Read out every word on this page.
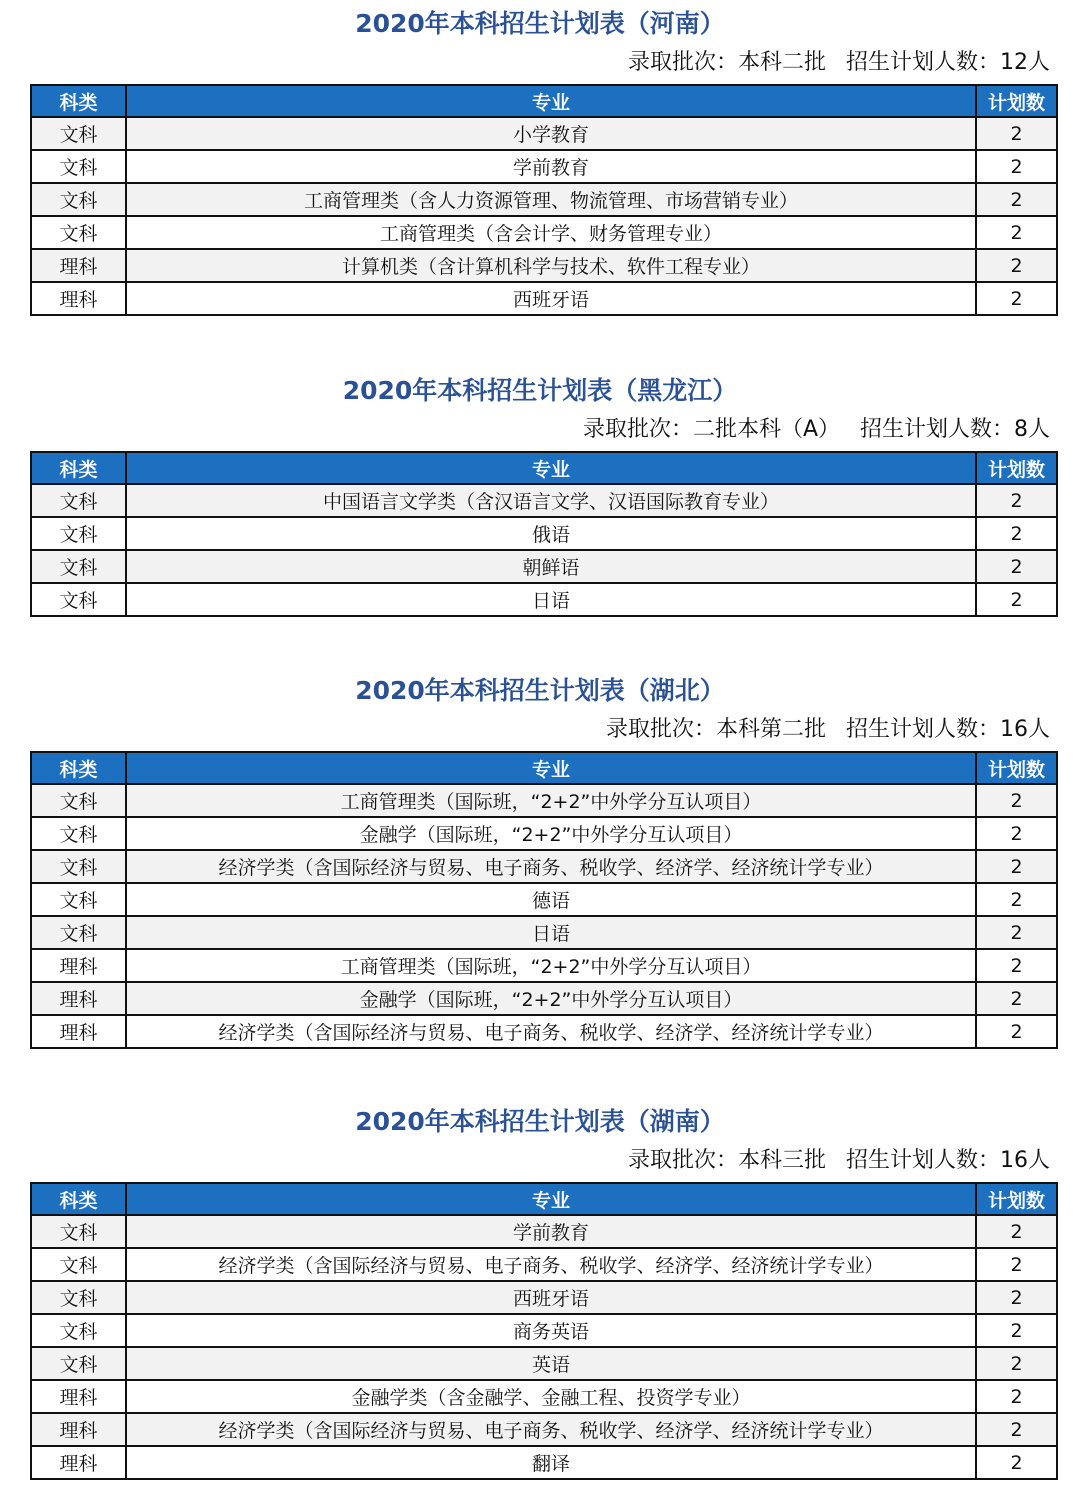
2020年本科招生计划表（河南）
录取批次：本科二批 招生计划人数：12人
科类	专业	计划数
文科	小学教育	2
文科	学前教育	2
文科	工商管理类（含人力资源管理、物流管理、市场营销专业）	2
文科	工商管理类（含会计学、财务管理专业）	2
理科	计算机类（含计算机科学与技术、软件工程专业）	2
理科	西班牙语	2
2020年本科招生计划表（黑龙江）
录取批次：二批本科（A） 招生计划人数：8人
科类	专业	计划数
文科	中国语言文学类（含汉语言文学、汉语国际教育专业）	2
文科	俄语	2
文科	朝鲜语	2
文科	日语	2
2020年本科招生计划表（湖北）
录取批次：本科第二批 招生计划人数：16人
科类	专业	计划数
文科	工商管理类（国际班，“2+2”中外学分互认项目）	2
文科	金融学（国际班，“2+2”中外学分互认项目）	2
文科	经济学类（含国际经济与贸易、电子商务、税收学、经济学、经济统计学专业）	2
文科	德语	2
文科	日语	2
理科	工商管理类（国际班，“2+2”中外学分互认项目）	2
理科	金融学（国际班，“2+2”中外学分互认项目）	2
理科	经济学类（含国际经济与贸易、电子商务、税收学、经济学、经济统计学专业）	2
2020年本科招生计划表（湖南）
录取批次：本科三批 招生计划人数：16人
科类	专业	计划数
文科	学前教育	2
文科	经济学类（含国际经济与贸易、电子商务、税收学、经济学、经济统计学专业）	2
文科	西班牙语	2
文科	商务英语	2
文科	英语	2
理科	金融学类（含金融学、金融工程、投资学专业）	2
理科	经济学类（含国际经济与贸易、电子商务、税收学、经济学、经济统计学专业）	2
理科	翻译	2
